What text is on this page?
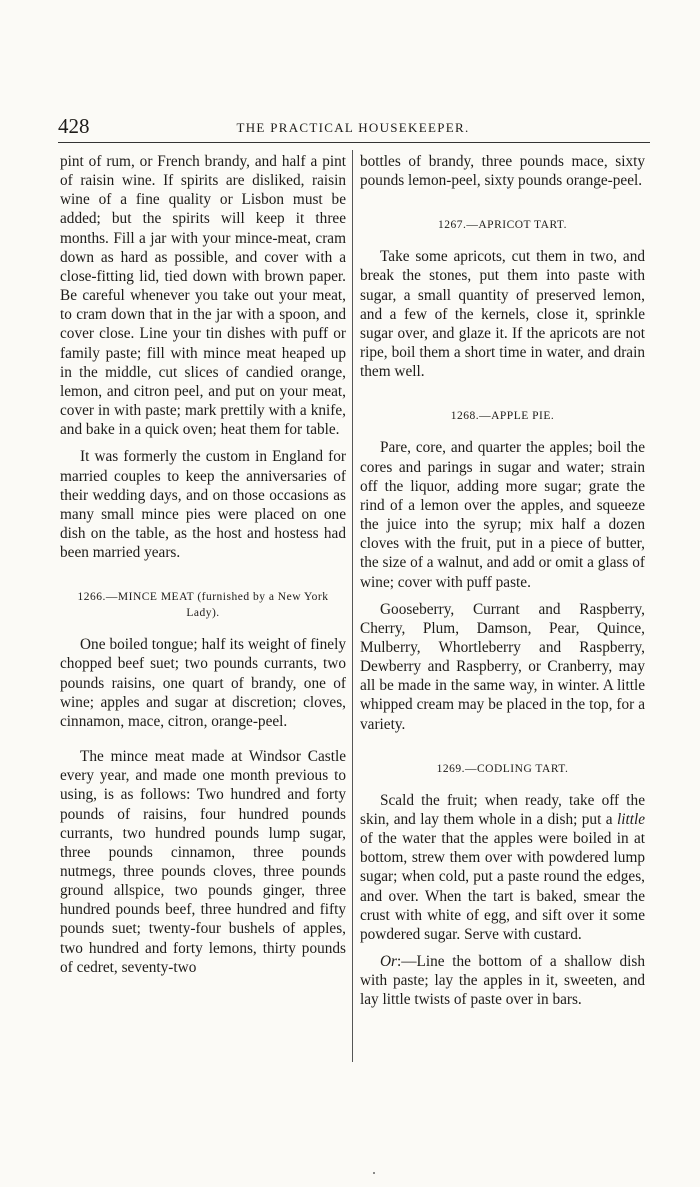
428	THE PRACTICAL HOUSEKEEPER.

pint of rum, or French brandy, and half a pint of raisin wine. If spirits are disliked, raisin wine of a fine quality or Lisbon must be added; but the spirits will keep it three months. Fill a jar with your mince-meat, cram down as hard as possible, and cover with a close-fitting lid, tied down with brown paper. Be careful whenever you take out your meat, to cram down that in the jar with a spoon, and cover close. Line your tin dishes with puff or family paste; fill with mince meat heaped up in the middle, cut slices of candied orange, lemon, and citron peel, and put on your meat, cover in with paste; mark prettily with a knife, and bake in a quick oven; heat them for table.

It was formerly the custom in England for married couples to keep the anniversaries of their wedding days, and on those occasions as many small mince pies were placed on one dish on the table, as the host and hostess had been married years.

1266.—MINCE MEAT (furnished by a New York
Lady).

One boiled tongue; half its weight of finely chopped beef suet; two pounds currants, two pounds raisins, one quart of brandy, one of wine; apples and sugar at discretion; cloves, cinnamon, mace, citron, orange-peel.

The mince meat made at Windsor Castle every year, and made one month previous to using, is as follows: Two hundred and forty pounds of raisins, four hundred pounds currants, two hundred pounds lump sugar, three pounds cinnamon, three pounds nutmegs, three pounds cloves, three pounds ground allspice, two pounds ginger, three hundred pounds beef, three hundred and fifty pounds suet; twenty-four bushels of apples, two hundred and forty lemons, thirty pounds of cedret, seventy-two

bottles of brandy, three pounds mace, sixty pounds lemon-peel, sixty pounds orange-peel.

1267.—APRICOT TART.

Take some apricots, cut them in two, and break the stones, put them into paste with sugar, a small quantity of preserved lemon, and a few of the kernels, close it, sprinkle sugar over, and glaze it. If the apricots are not ripe, boil them a short time in water, and drain them well.

1268.—APPLE PIE.

Pare, core, and quarter the apples; boil the cores and parings in sugar and water; strain off the liquor, adding more sugar; grate the rind of a lemon over the apples, and squeeze the juice into the syrup; mix half a dozen cloves with the fruit, put in a piece of butter, the size of a walnut, and add or omit a glass of wine; cover with puff paste.

Gooseberry, Currant and Raspberry, Cherry, Plum, Damson, Pear, Quince, Mulberry, Whortleberry and Raspberry, Dewberry and Raspberry, or Cranberry, may all be made in the same way, in winter. A little whipped cream may be placed in the top, for a variety.

1269.—CODLING TART.

Scald the fruit; when ready, take off the skin, and lay them whole in a dish; put a little of the water that the apples were boiled in at bottom, strew them over with powdered lump sugar; when cold, put a paste round the edges, and over. When the tart is baked, smear the crust with white of egg, and sift over it some powdered sugar. Serve with custard.

Or:—Line the bottom of a shallow dish with paste; lay the apples in it, sweeten, and lay little twists of paste over in bars.
